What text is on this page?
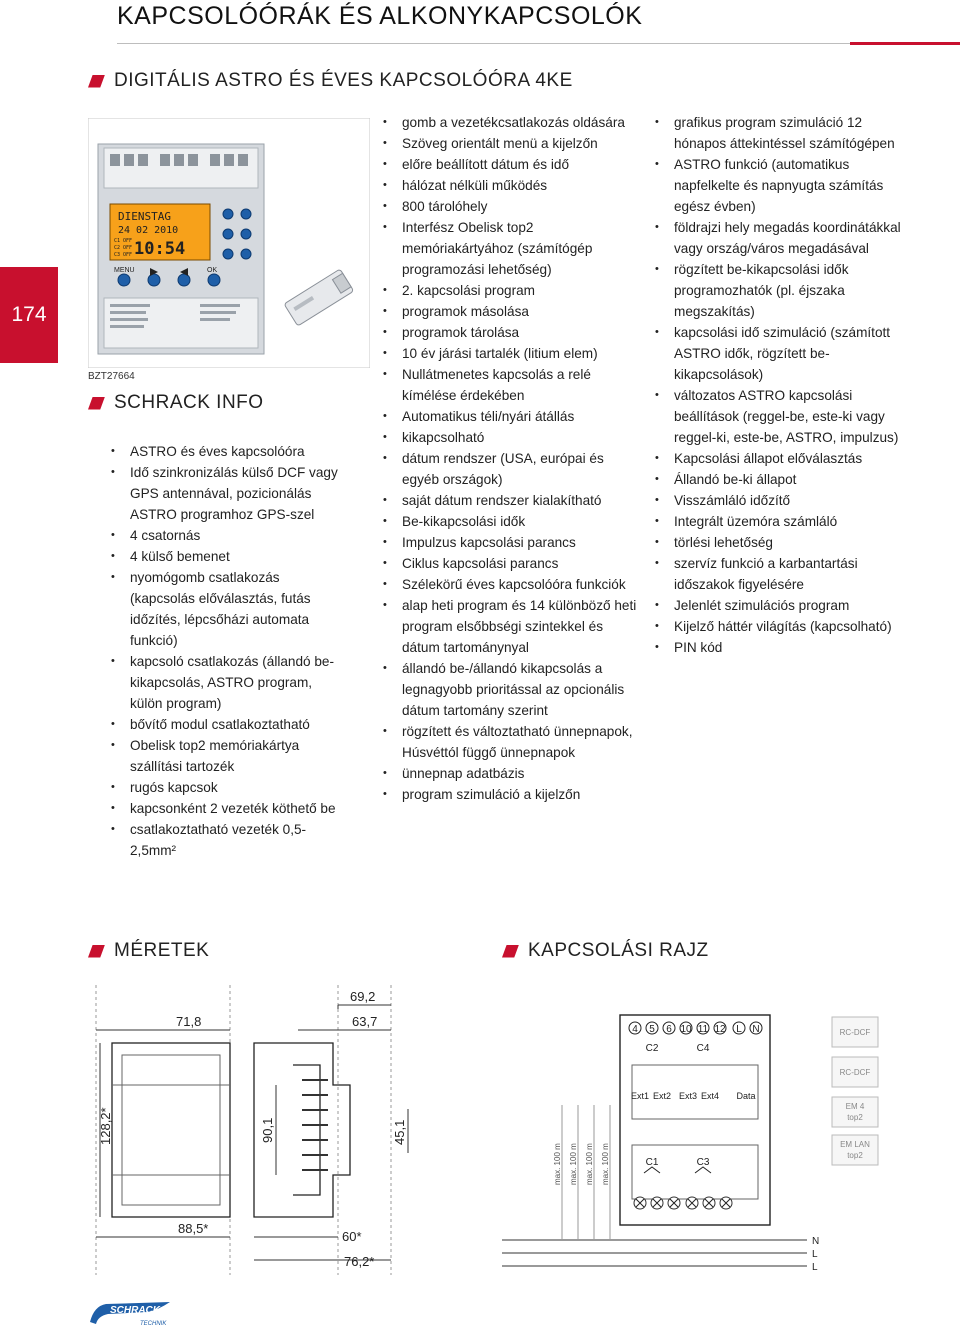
KAPCSOLÓÓRÁK ÉS ALKONYKAPCSOLÓK
DIGITÁLIS ASTRO ÉS ÉVES KAPCSOLÓÓRA 4KE
174
DIENSTAG
24 02 2010
C1 OFF
C2 OFF
C3 OFF 10:54
MENU	OK
BZT27664
SCHRACK INFO
• ASTRO és éves kapcsolóóra
• Idő szinkronizálás külső DCF vagy GPS antennával, pozicionálás ASTRO programhoz GPS-szel
• 4 csatornás
• 4 külső bemenet
• nyomógomb csatlakozás (kapcsolás előválasztás, futás időzítés, lépcsőházi automata funkció)
• kapcsoló csatlakozás (állandó be-kikapcsolás, ASTRO program, külön program)
• bővítő modul csatlakoztatható
• Obelisk top2 memóriakártya szállítási tartozék
• rugós kapcsok
• kapcsonként 2 vezeték köthető be
• csatlakoztatható vezeték 0,5-2,5mm²
• gomb a vezetékcsatlakozás oldására
• Szöveg orientált menü a kijelzőn
• előre beállított dátum és idő
• hálózat nélküli működés
• 800 tárolóhely
• Interfész Obelisk top2 memóriakártyához (számítógép programozási lehetőség)
• 2. kapcsolási program
• programok másolása
• programok tárolása
• 10 év járási tartalék (litium elem)
• Nullátmenetes kapcsolás a relé kímélése érdekében
• Automatikus téli/nyári átállás
• kikapcsolható
• dátum rendszer (USA, európai és egyéb országok)
• saját dátum rendszer kialakítható
• Be-kikapcsolási idők
• Impulzus kapcsolási parancs
• Ciklus kapcsolási parancs
• Szélekörű éves kapcsolóóra funkciók
• alap heti program és 14 különböző heti program elsőbbségi szintekkel és dátum tartománynyal
• állandó be-/állandó kikapcsolás a legnagyobb prioritással az opcionális dátum tartomány szerint
• rögzített és változtatható ünnepnapok, Húsvéttól függő ünnepnapok
• ünnepnap adatbázis
• program szimuláció a kijelzőn
• grafikus program szimuláció 12 hónapos áttekintéssel számítógépen
• ASTRO funkció (automatikus napfelkelte és napnyugta számítás egész évben)
• földrajzi hely megadás koordinátákkal vagy ország/város megadásával
• rögzített be-kikapcsolási idők programozhatók (pl. éjszaka megszakítás)
• kapcsolási idő szimuláció (számított ASTRO idők, rögzített be-kikapcsolások)
• változatos ASTRO kapcsolási beállítások (reggel-be, este-ki vagy reggel-ki, este-be, ASTRO, impulzus)
• Kapcsolási állapot előválasztás
• Állandó be-ki állapot
• Visszámláló időzítő
• Integrált üzemóra számláló
• törlési lehetőség
• szervíz funkció a karbantartási időszakok figyelésére
• Jelenlét szimulációs program
• Kijelző háttér világítás (kapcsolható)
• PIN kód
MÉRETEK	KAPCSOLÁSI RAJZ
69,2
71,8	63,7
128,2*	90,1	45,1
88,5*
60*
76,2*
4 5 6 10 11 12 L N
C2	C4
Ext1 Ext2 Ext3 Ext4 Data
C1	C3
N
L
L
max. 100 m max. 100 m max. 100 m max. 100 m
RC-DCF
RC-DCF
EM 4
top2
EM LAN
top2
SCHRACK
TECHNIK
